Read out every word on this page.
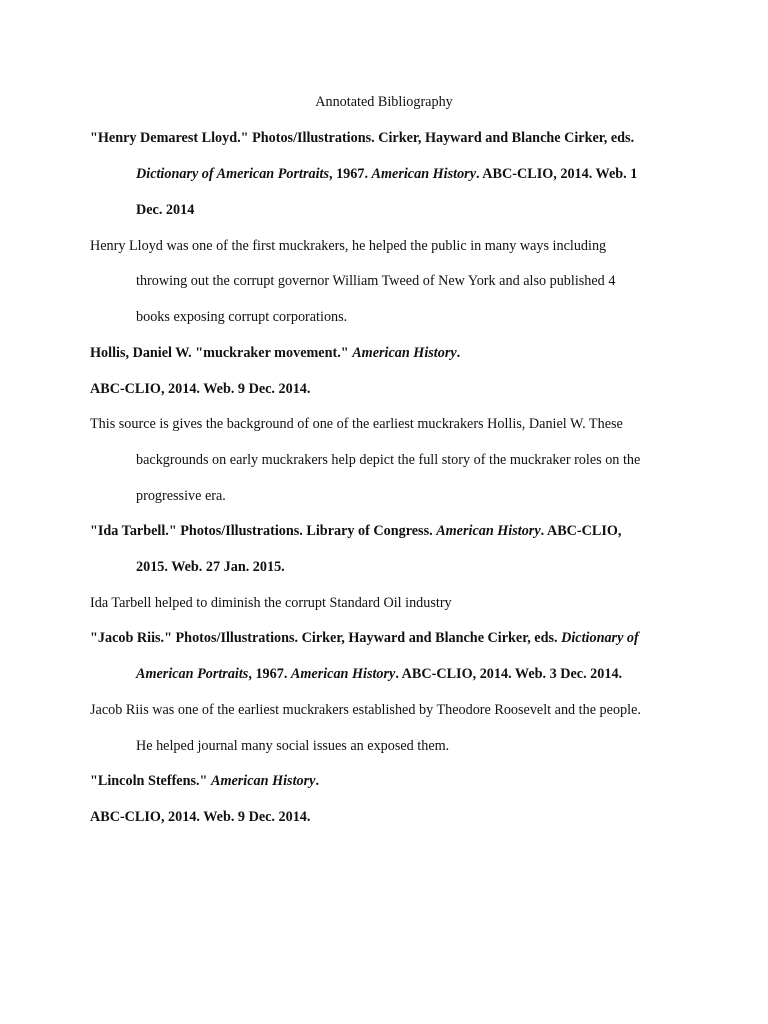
Annotated Bibliography
"Henry Demarest Lloyd." Photos/Illustrations. Cirker, Hayward and Blanche Cirker, eds.
Dictionary of American Portraits, 1967. American History. ABC-CLIO, 2014. Web. 1
Dec. 2014
Henry Lloyd was one of the first muckrakers, he helped the public in many ways including
throwing out the corrupt governor William Tweed of New York and also published 4
books exposing corrupt corporations.
Hollis, Daniel W. "muckraker movement." American History.
ABC-CLIO, 2014. Web. 9 Dec. 2014.
This source is gives the background of one of the earliest muckrakers Hollis, Daniel W. These
backgrounds on early muckrakers help depict the full story of the muckraker roles on the
progressive era.
"Ida Tarbell." Photos/Illustrations. Library of Congress. American History. ABC-CLIO,
2015. Web. 27 Jan. 2015.
Ida Tarbell helped to diminish the corrupt Standard Oil industry
"Jacob Riis." Photos/Illustrations. Cirker, Hayward and Blanche Cirker, eds. Dictionary of
American Portraits, 1967. American History. ABC-CLIO, 2014. Web. 3 Dec. 2014.
Jacob Riis was one of the earliest muckrakers established by Theodore Roosevelt and the people.
He helped journal many social issues an exposed them.
"Lincoln Steffens." American History.
ABC-CLIO, 2014. Web. 9 Dec. 2014.
